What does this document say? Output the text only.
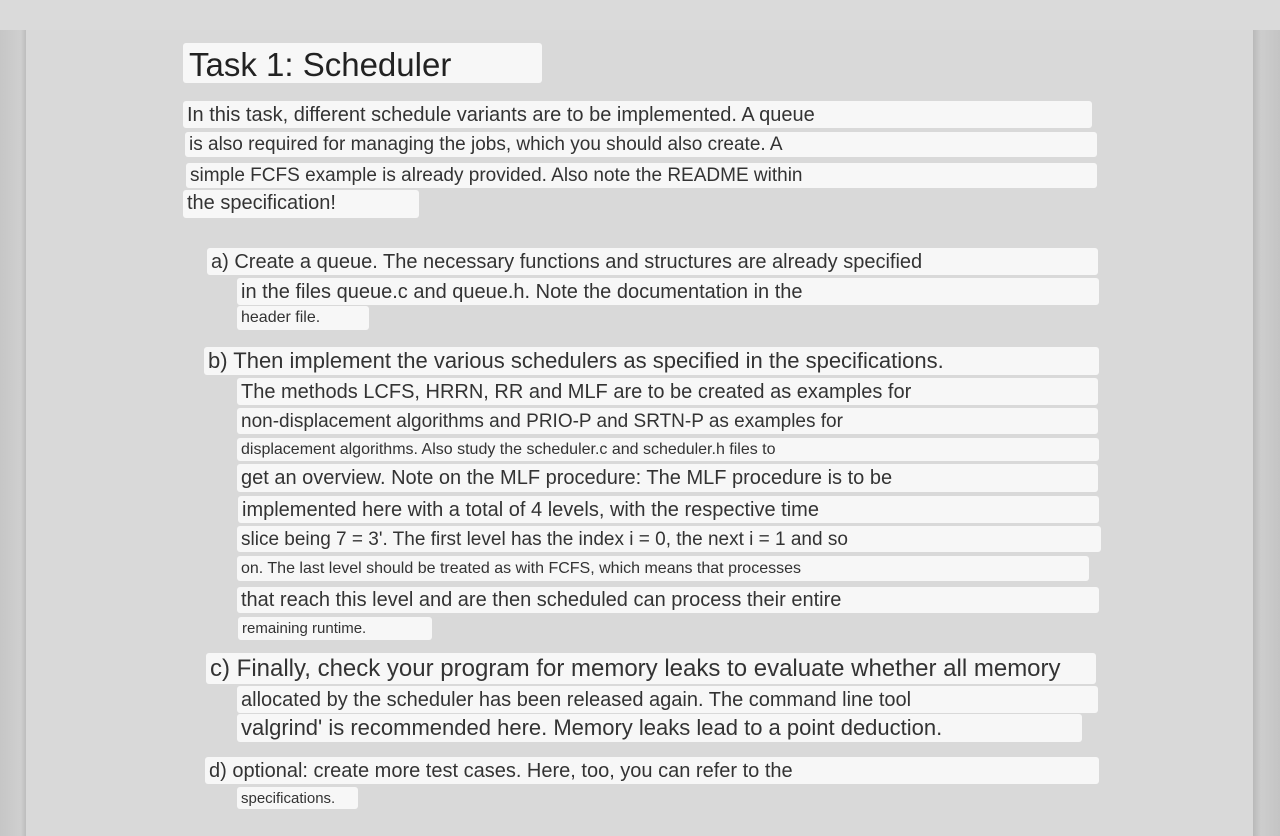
Task 1: Scheduler
In this task, different schedule variants are to be implemented. A queue
is also required for managing the jobs, which you should also create. A
simple FCFS example is already provided. Also note the README within
the specification!
a) Create a queue. The necessary functions and structures are already specified
in the files queue.c and queue.h. Note the documentation in the
header file.
b) Then implement the various schedulers as specified in the specifications.
The methods LCFS, HRRN, RR and MLF are to be created as examples for
non-displacement algorithms and PRIO-P and SRTN-P as examples for
displacement algorithms. Also study the scheduler.c and scheduler.h files to
get an overview. Note on the MLF procedure: The MLF procedure is to be
implemented here with a total of 4 levels, with the respective time
slice being 7 = 3'. The first level has the index i = 0, the next i = 1 and so
on. The last level should be treated as with FCFS, which means that processes
that reach this level and are then scheduled can process their entire
remaining runtime.
c) Finally, check your program for memory leaks to evaluate whether all memory
allocated by the scheduler has been released again. The command line tool
valgrind' is recommended here. Memory leaks lead to a point deduction.
d) optional: create more test cases. Here, too, you can refer to the
specifications.
